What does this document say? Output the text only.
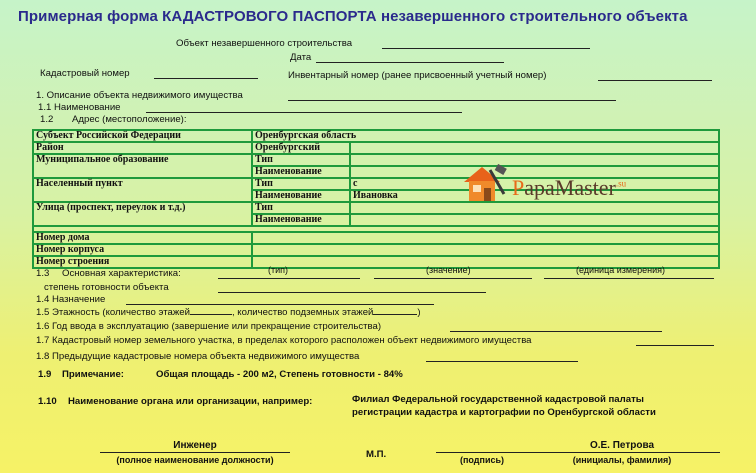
Примерная форма КАДАСТРОВОГО ПАСПОРТА незавершенного строительного объекта
Объект незавершенного строительства
Дата
Кадастровый номер	Инвентарный номер (ранее присвоенный учетный номер)
1. Описание объекта недвижимого имущества
1.1 Наименование
1.2 Адрес (местоположение):
Субъект Российской Федерации	Оренбургская область	
Район	Оренбургский	
Муниципальное образование	Тип	
	Наименование	
Населенный пункт	Тип	с
	Наименование	Ивановка
Улица (проспект, переулок и т.д.)	Тип	
	Наименование	

Номер дома		
Номер корпуса		
Номер строения		
PapaMaster$^{.su}$
1.3 Основная характеристика:	(тип)	(значение)	(единица измерения)
степень готовности объекта
1.4 Назначение
1.5 Этажность (количество этажей	, количество подземных этажей	)
1.6 Год ввода в эксплуатацию (завершение или прекращение строительства)
1.7 Кадастровый номер земельного участка, в пределах которого расположен объект недвижимого имущества
1.8 Предыдущие кадастровые номера объекта недвижимого имущества
1.9 Примечание:	Общая площадь - 200 м2, Степень готовности - 84%
1.10 Наименование органа или организации, например:	Филиал Федеральной государственной кадастровой палаты
регистрации кадастра и картографии по Оренбургской области
Инженер
(полное наименование должности)	М.П.	(подпись)
О.Е. Петрова
(инициалы, фамилия)
